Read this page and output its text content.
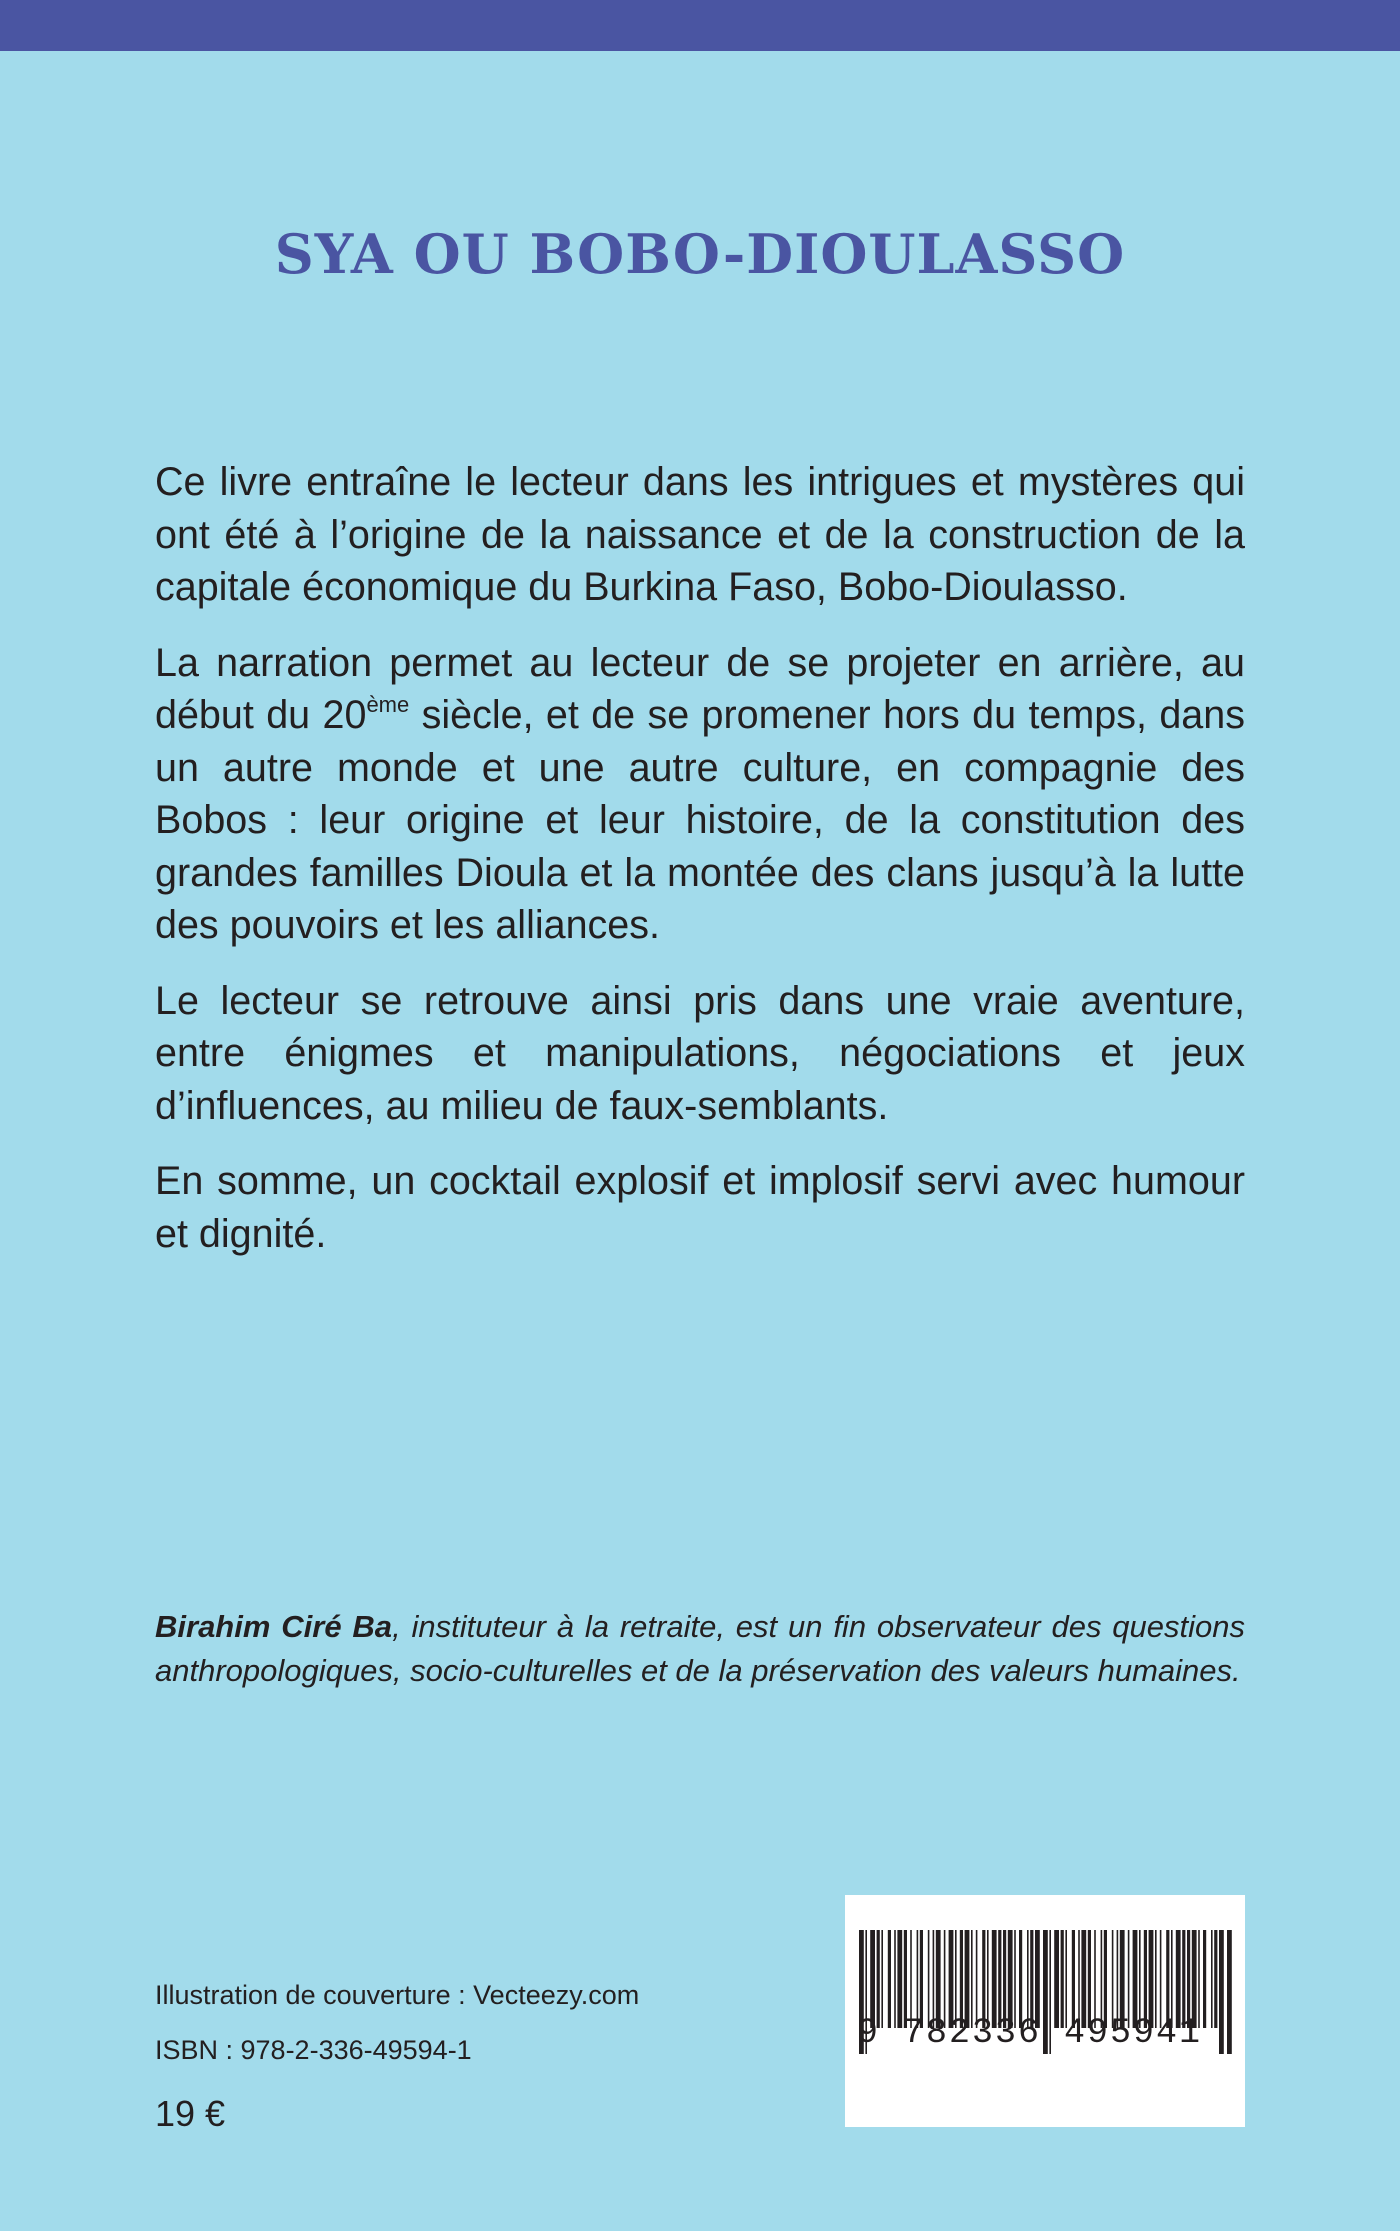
SYA OU BOBO-DIOULASSO

Ce livre entraîne le lecteur dans les intrigues et mystères qui ont été à l’origine de la naissance et de la construction de la capitale économique du Burkina Faso, Bobo-Dioulasso.

La narration permet au lecteur de se projeter en arrière, au début du 20ème siècle, et de se promener hors du temps, dans un autre monde et une autre culture, en compagnie des Bobos : leur origine et leur histoire, de la constitution des grandes familles Dioula et la montée des clans jusqu’à la lutte des pouvoirs et les alliances.

Le lecteur se retrouve ainsi pris dans une vraie aventure, entre énigmes et manipulations, négociations et jeux d’influences, au milieu de faux-semblants.

En somme, un cocktail explosif et implosif servi avec humour et dignité.

Birahim Ciré Ba, instituteur à la retraite, est un fin observateur des questions anthropologiques, socio-culturelles et de la préservation des valeurs humaines.

Illustration de couverture : Vecteezy.com
ISBN : 978-2-336-49594-1
19 €
9 782336 495941
